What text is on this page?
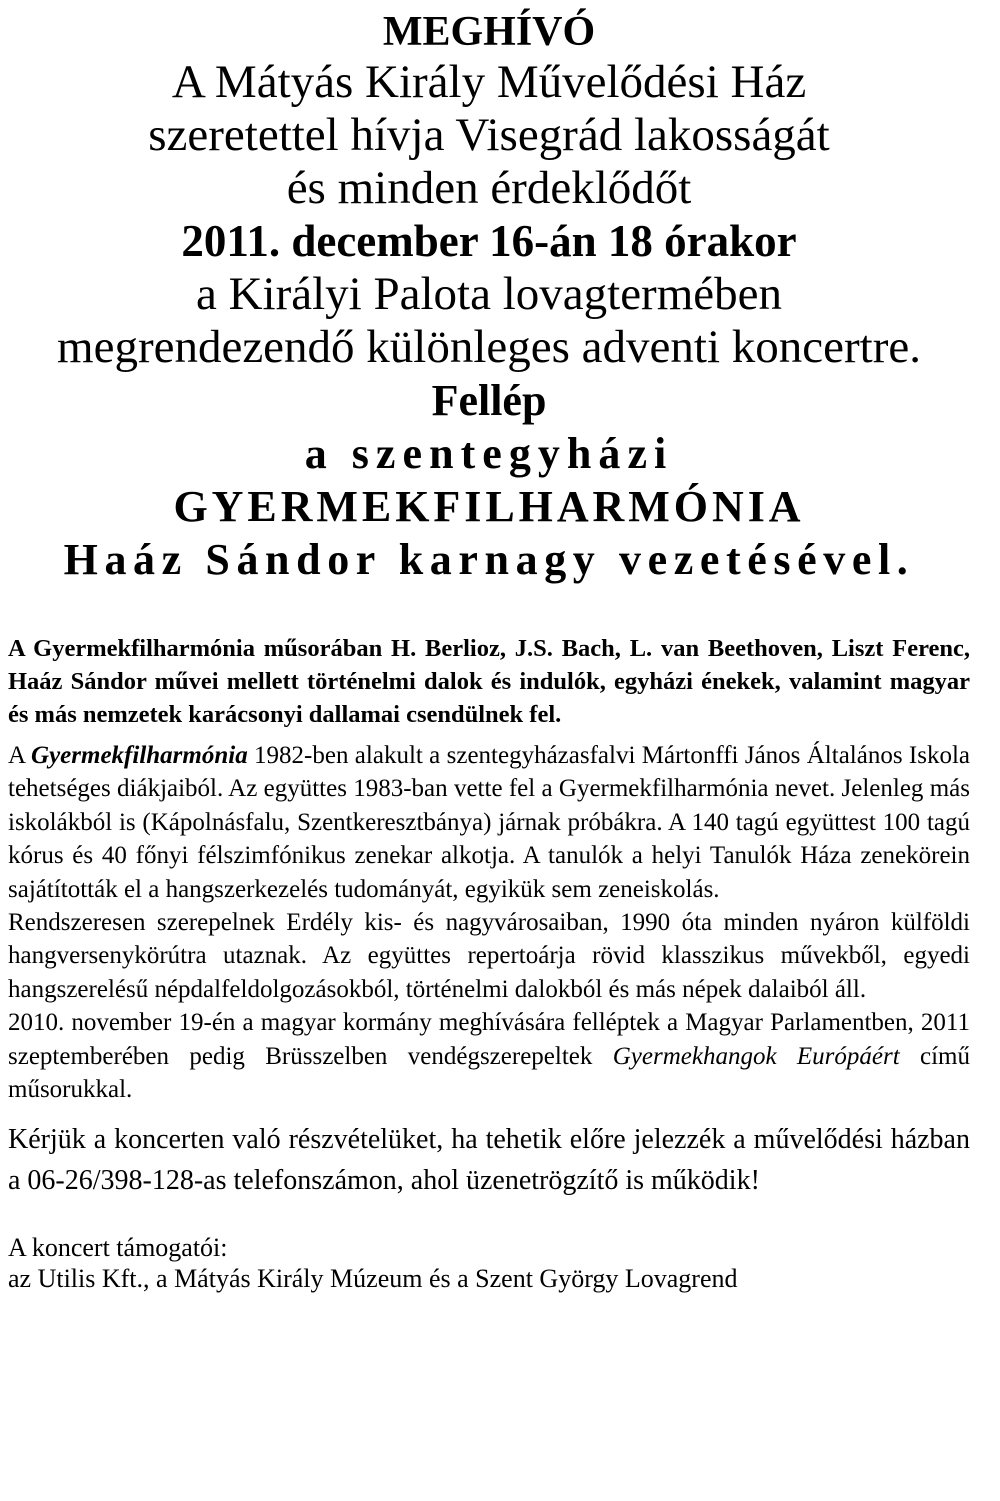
MEGHÍVÓ
A Mátyás Király Művelődési Ház
szeretettel hívja Visegrád lakosságát
és minden érdeklődőt
2011. december 16-án 18 órakor
a Királyi Palota lovagtermében
megrendezendő különleges adventi koncertre.
Fellép
a szentegyházi
GYERMEKFILHARMÓNIA
Haáz Sándor karnagy vezetésével.

A Gyermekfilharmónia műsorában H. Berlioz, J.S. Bach, L. van Beethoven, Liszt Ferenc, Haáz Sándor művei mellett történelmi dalok és indulók, egyházi énekek, valamint magyar és más nemzetek karácsonyi dallamai csendülnek fel.

A Gyermekfilharmónia 1982-ben alakult a szentegyházasfalvi Mártonffi János Általános Iskola tehetséges diákjaiból. Az együttes 1983-ban vette fel a Gyermekfilharmónia nevet. Jelenleg más iskolákból is (Kápolnásfalu, Szentkeresztbánya) járnak próbákra. A 140 tagú együttest 100 tagú kórus és 40 főnyi félszimfónikus zenekar alkotja. A tanulók a helyi Tanulók Háza zenekörein sajátították el a hangszerkezelés tudományát, egyikük sem zeneiskolás.

Rendszeresen szerepelnek Erdély kis- és nagyvárosaiban, 1990 óta minden nyáron külföldi hangversenykörútra utaznak. Az együttes repertoárja rövid klasszikus művekből, egyedi hangszerelésű népdalfeldolgozásokból, történelmi dalokból és más népek dalaiból áll.

2010. november 19-én a magyar kormány meghívására felléptek a Magyar Parlamentben, 2011 szeptemberében pedig Brüsszelben vendégszerepeltek Gyermekhangok Európáért című műsorukkal.

Kérjük a koncerten való részvételüket, ha tehetik előre jelezzék a művelődési házban a 06-26/398-128-as telefonszámon, ahol üzenetrögzítő is működik!

A koncert támogatói:
az Utilis Kft., a Mátyás Király Múzeum és a Szent György Lovagrend
